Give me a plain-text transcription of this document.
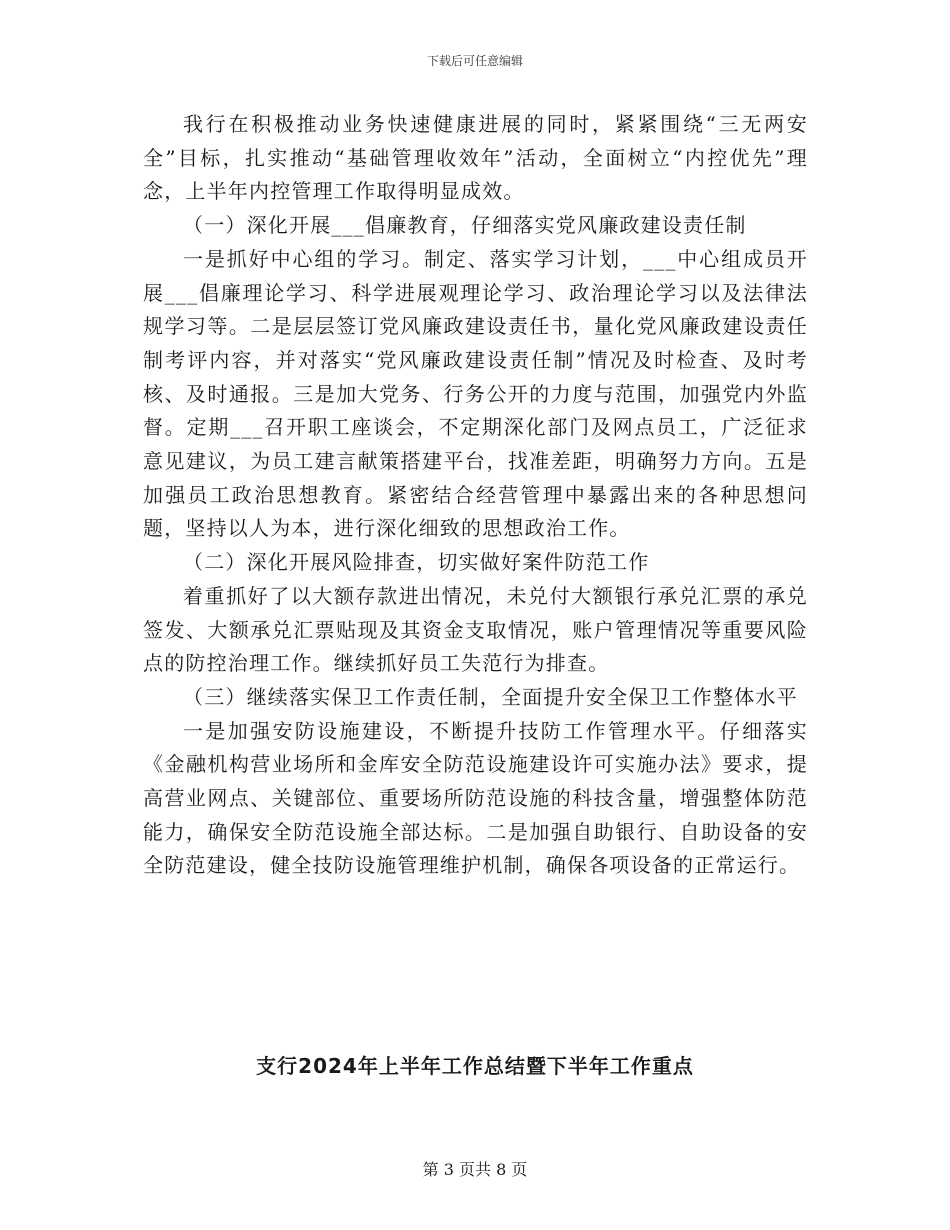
下载后可任意编辑

我行在积极推动业务快速健康进展的同时，紧紧围绕“三无两安全”目标，扎实推动“基础管理收效年”活动，全面树立“内控优先”理念，上半年内控管理工作取得明显成效。

（一）深化开展___倡廉教育，仔细落实党风廉政建设责任制

一是抓好中心组的学习。制定、落实学习计划，___中心组成员开展___倡廉理论学习、科学进展观理论学习、政治理论学习以及法律法规学习等。二是层层签订党风廉政建设责任书，量化党风廉政建设责任制考评内容，并对落实“党风廉政建设责任制”情况及时检查、及时考核、及时通报。三是加大党务、行务公开的力度与范围，加强党内外监督。定期___召开职工座谈会，不定期深化部门及网点员工，广泛征求意见建议，为员工建言献策搭建平台，找准差距，明确努力方向。五是加强员工政治思想教育。紧密结合经营管理中暴露出来的各种思想问题，坚持以人为本，进行深化细致的思想政治工作。

（二）深化开展风险排查，切实做好案件防范工作

着重抓好了以大额存款进出情况，未兑付大额银行承兑汇票的承兑签发、大额承兑汇票贴现及其资金支取情况，账户管理情况等重要风险点的防控治理工作。继续抓好员工失范行为排查。

（三）继续落实保卫工作责任制，全面提升安全保卫工作整体水平

一是加强安防设施建设，不断提升技防工作管理水平。仔细落实《金融机构营业场所和金库安全防范设施建设许可实施办法》要求，提高营业网点、关键部位、重要场所防范设施的科技含量，增强整体防范能力，确保安全防范设施全部达标。二是加强自助银行、自助设备的安全防范建设，健全技防设施管理维护机制，确保各项设备的正常运行。

支行2024年上半年工作总结暨下半年工作重点
第 3 页共 8 页
